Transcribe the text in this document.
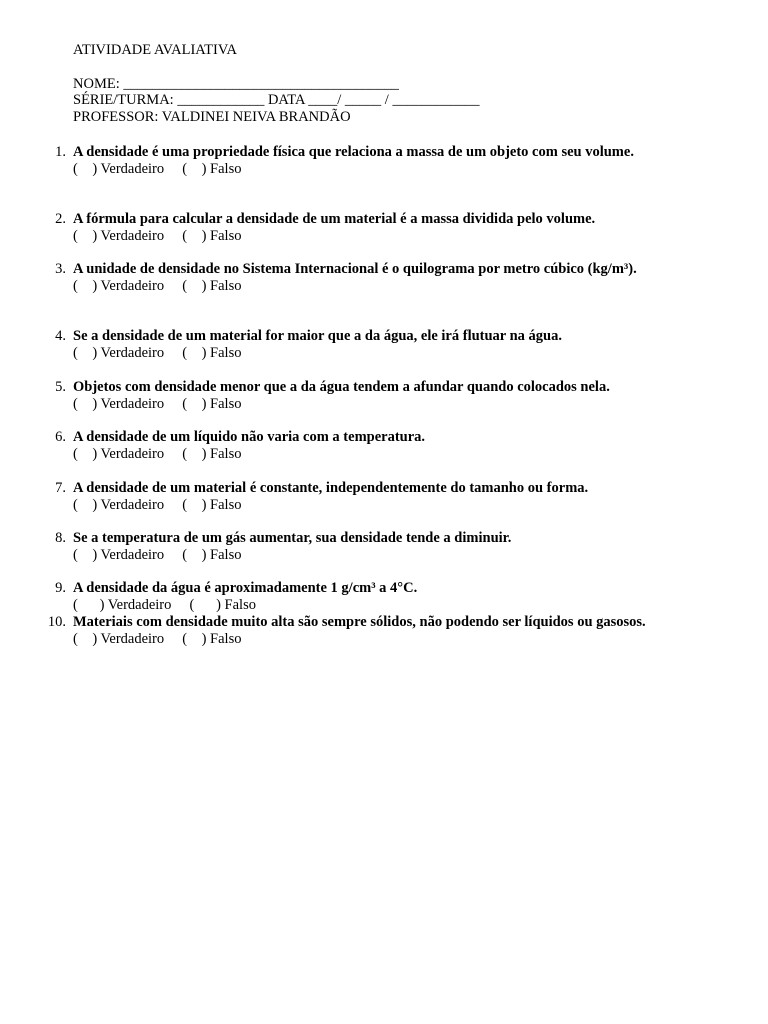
ATIVIDADE AVALIATIVA
NOME: ______________________________________
SÉRIE/TURMA: ____________ DATA ____/ _____ / ____________
PROFESSOR: VALDINEI NEIVA BRANDÃO
1. A densidade é uma propriedade física que relaciona a massa de um objeto com seu volume.
(    ) Verdadeiro     (    ) Falso
2. A fórmula para calcular a densidade de um material é a massa dividida pelo volume.
(    ) Verdadeiro     (    ) Falso
3. A unidade de densidade no Sistema Internacional é o quilograma por metro cúbico (kg/m³).
(    ) Verdadeiro     (    ) Falso
4. Se a densidade de um material for maior que a da água, ele irá flutuar na água.
(    ) Verdadeiro     (    ) Falso
5. Objetos com densidade menor que a da água tendem a afundar quando colocados nela.
(    ) Verdadeiro     (    ) Falso
6. A densidade de um líquido não varia com a temperatura.
(    ) Verdadeiro     (    ) Falso
7. A densidade de um material é constante, independentemente do tamanho ou forma.
(    ) Verdadeiro     (    ) Falso
8. Se a temperatura de um gás aumentar, sua densidade tende a diminuir.
(    ) Verdadeiro     (    ) Falso
9. A densidade da água é aproximadamente 1 g/cm³ a 4°C.
(      ) Verdadeiro     (      ) Falso
10. Materiais com densidade muito alta são sempre sólidos, não podendo ser líquidos ou gasosos.
(    ) Verdadeiro     (    ) Falso
